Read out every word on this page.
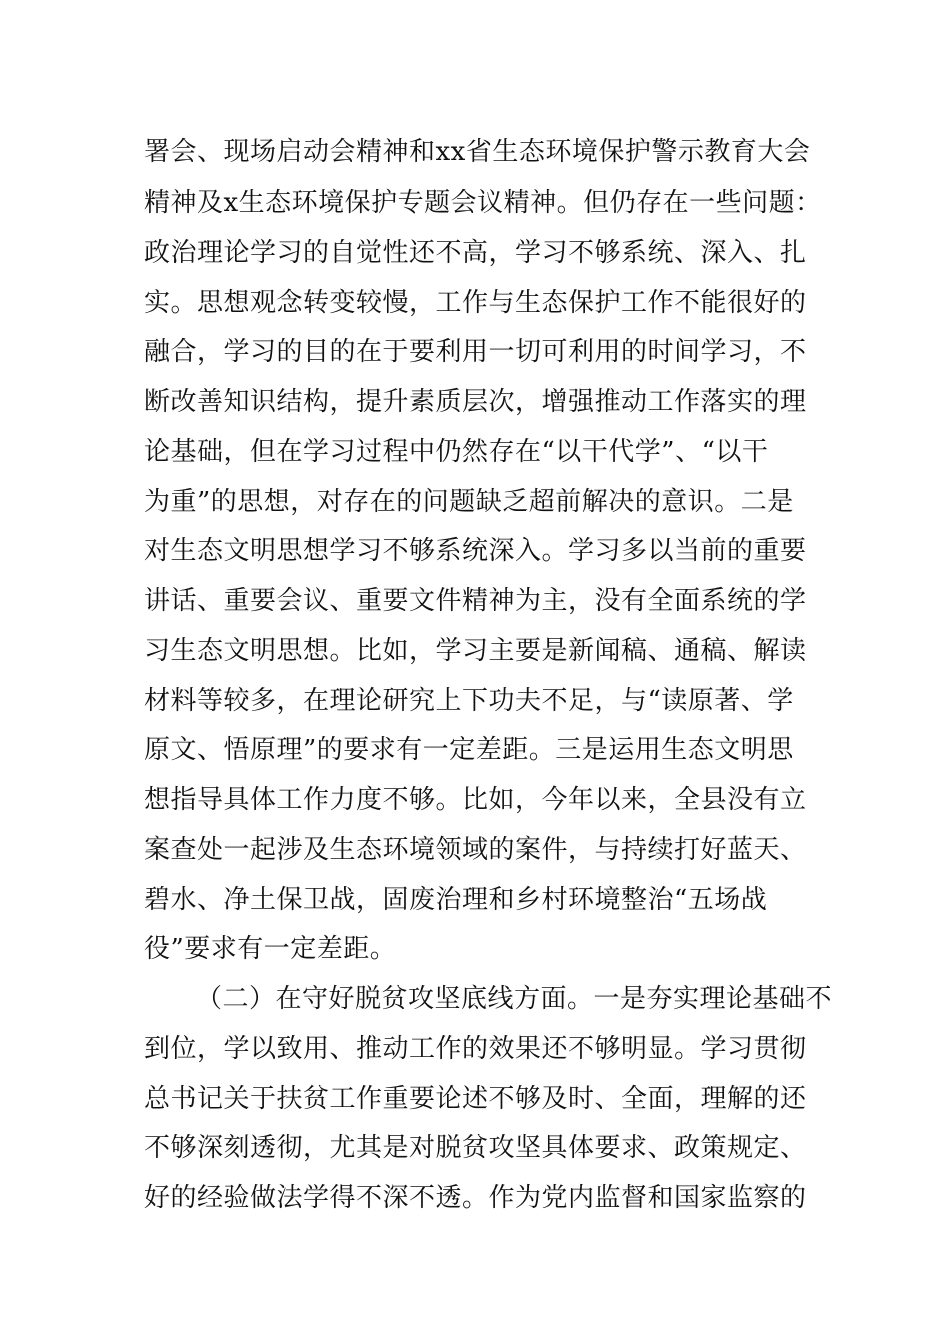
署会、现场启动会精神和xx省生态环境保护警示教育大会
精神及x生态环境保护专题会议精神。但仍存在一些问题：
政治理论学习的自觉性还不高，学习不够系统、深入、扎
实。思想观念转变较慢，工作与生态保护工作不能很好的
融合，学习的目的在于要利用一切可利用的时间学习，不
断改善知识结构，提升素质层次，增强推动工作落实的理
论基础，但在学习过程中仍然存在“以干代学”、“以干
为重”的思想，对存在的问题缺乏超前解决的意识。二是
对生态文明思想学习不够系统深入。学习多以当前的重要
讲话、重要会议、重要文件精神为主，没有全面系统的学
习生态文明思想。比如，学习主要是新闻稿、通稿、解读
材料等较多，在理论研究上下功夫不足，与“读原著、学
原文、悟原理”的要求有一定差距。三是运用生态文明思
想指导具体工作力度不够。比如，今年以来，全县没有立
案查处一起涉及生态环境领域的案件，与持续打好蓝天、
碧水、净土保卫战，固废治理和乡村环境整治“五场战
役”要求有一定差距。
（二）在守好脱贫攻坚底线方面。一是夯实理论基础不
到位，学以致用、推动工作的效果还不够明显。学习贯彻
总书记关于扶贫工作重要论述不够及时、全面，理解的还
不够深刻透彻，尤其是对脱贫攻坚具体要求、政策规定、
好的经验做法学得不深不透。作为党内监督和国家监察的
